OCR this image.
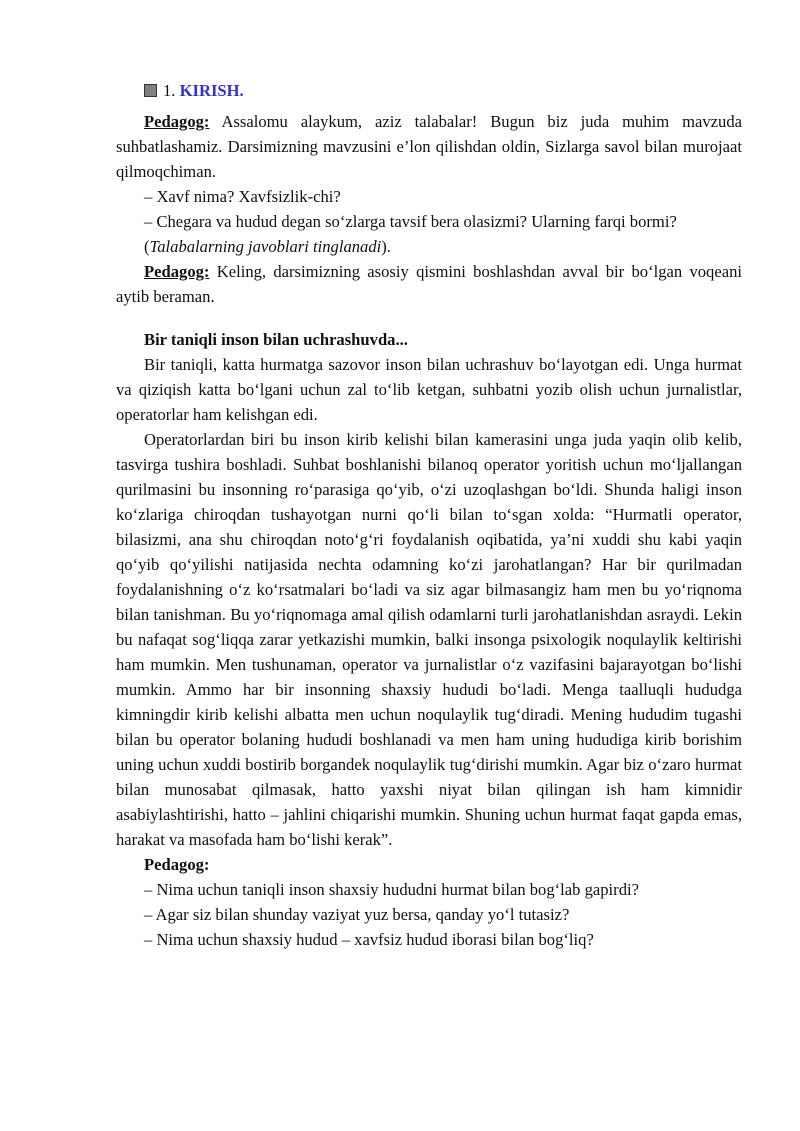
1.
KIRISH.

Pedagog: Assalomu alaykum, aziz talabalar! Bugun biz juda muhim mavzuda suhbatlashamiz. Darsimizning mavzusini e’lon qilishdan oldin, Sizlarga savol bilan murojaat qilmoqchiman.

– Xavf nima? Xavfsizlik-chi?

– Chegara va hudud degan so‘zlarga tavsif bera olasizmi? Ularning farqi bormi?

(Talabalarning javoblari tinglanadi).

Pedagog: Keling, darsimizning asosiy qismini boshlashdan avval bir bo‘lgan voqeani aytib beraman.

Bir taniqli inson bilan uchrashuvda...

Bir taniqli, katta hurmatga sazovor inson bilan uchrashuv bo‘layotgan edi. Unga hurmat va qiziqish katta bo‘lgani uchun zal to‘lib ketgan, suhbatni yozib olish uchun jurnalistlar, operatorlar ham kelishgan edi.

Operatorlardan biri bu inson kirib kelishi bilan kamerasini unga juda yaqin olib kelib, tasvirga tushira boshladi. Suhbat boshlanishi bilanoq operator yoritish uchun mo‘ljallangan qurilmasini bu insonning ro‘parasiga qo‘yib, o‘zi uzoqlashgan bo‘ldi. Shunda haligi inson ko‘zlariga chiroqdan tushayotgan nurni qo‘li bilan to‘sgan xolda: “Hurmatli operator, bilasizmi, ana shu chiroqdan noto‘g‘ri foydalanish oqibatida, ya’ni xuddi shu kabi yaqin qo‘yib qo‘yilishi natijasida nechta odamning ko‘zi jarohatlangan? Har bir qurilmadan foydalanishning o‘z ko‘rsatmalari bo‘ladi va siz agar bilmasangiz ham men bu yo‘riqnoma bilan tanishman. Bu yo‘riqnomaga amal qilish odamlarni turli jarohatlanishdan asraydi. Lekin bu nafaqat sog‘liqqa zarar yetkazishi mumkin, balki insonga psixologik noqulaylik keltirishi ham mumkin. Men tushunaman, operator va jurnalistlar o‘z vazifasini bajarayotgan bo‘lishi mumkin. Ammo har bir insonning shaxsiy hududi bo‘ladi. Menga taalluqli hududga kimningdir kirib kelishi albatta men uchun noqulaylik tug‘diradi. Mening hududim tugashi bilan bu operator bolaning hududi boshlanadi va men ham uning hududiga kirib borishim uning uchun xuddi bostirib borgandek noqulaylik tug‘dirishi mumkin. Agar biz o‘zaro hurmat bilan munosabat qilmasak, hatto yaxshi niyat bilan qilingan ish ham kimnidir asabiylashtirishi, hatto – jahlini chiqarishi mumkin. Shuning uchun hurmat faqat gapda emas, harakat va masofada ham bo‘lishi kerak”.

Pedagog:

– Nima uchun taniqli inson shaxsiy hududni hurmat bilan bog‘lab gapirdi?

– Agar siz bilan shunday vaziyat yuz bersa, qanday yo‘l tutasiz?

– Nima uchun shaxsiy hudud – xavfsiz hudud iborasi bilan bog‘liq?
